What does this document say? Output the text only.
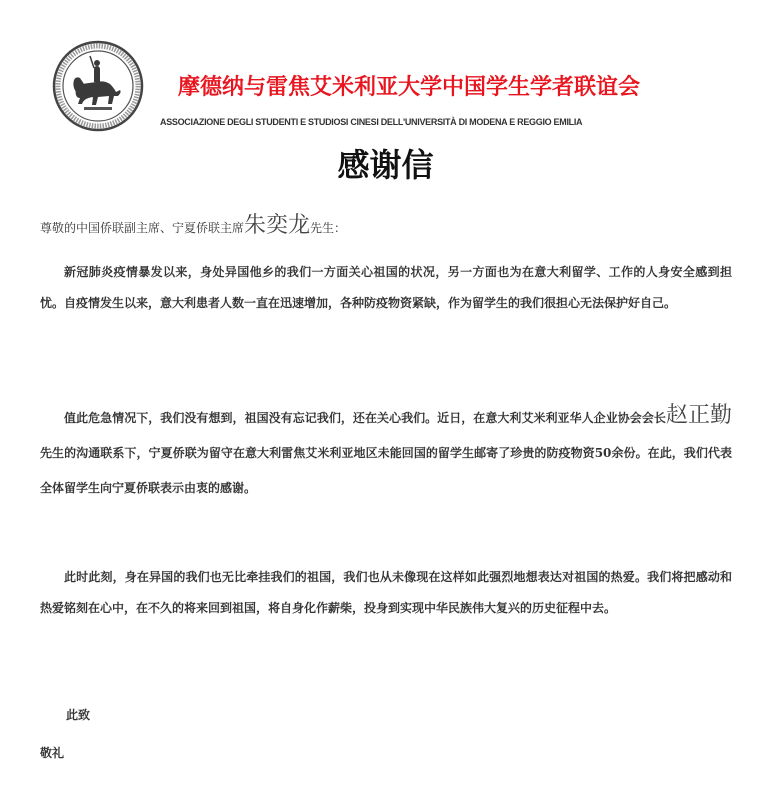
摩德纳与雷焦艾米利亚大学中国学生学者联谊会
ASSOCIAZIONE DEGLI STUDENTI E STUDIOSI CINESI DELL'UNIVERSITÀ DI MODENA E REGGIO EMILIA
感谢信
尊敬的中国侨联副主席、宁夏侨联主席朱奕龙先生：
新冠肺炎疫情暴发以来，身处异国他乡的我们一方面关心祖国的状况，另一方面也为在意大利留学、工作的人身安全感到担忧。自疫情发生以来，意大利患者人数一直在迅速增加，各种防疫物资紧缺，作为留学生的我们很担心无法保护好自己。
值此危急情况下，我们没有想到，祖国没有忘记我们，还在关心我们。近日，在意大利艾米利亚华人企业协会会长赵正勤先生的沟通联系下，宁夏侨联为留守在意大利雷焦艾米利亚地区未能回国的留学生邮寄了珍贵的防疫物资50余份。在此，我们代表全体留学生向宁夏侨联表示由衷的感谢。
此时此刻，身在异国的我们也无比牵挂我们的祖国，我们也从未像现在这样如此强烈地想表达对祖国的热爱。我们将把感动和热爱铭刻在心中，在不久的将来回到祖国，将自身化作薪柴，投身到实现中华民族伟大复兴的历史征程中去。
此致
敬礼
